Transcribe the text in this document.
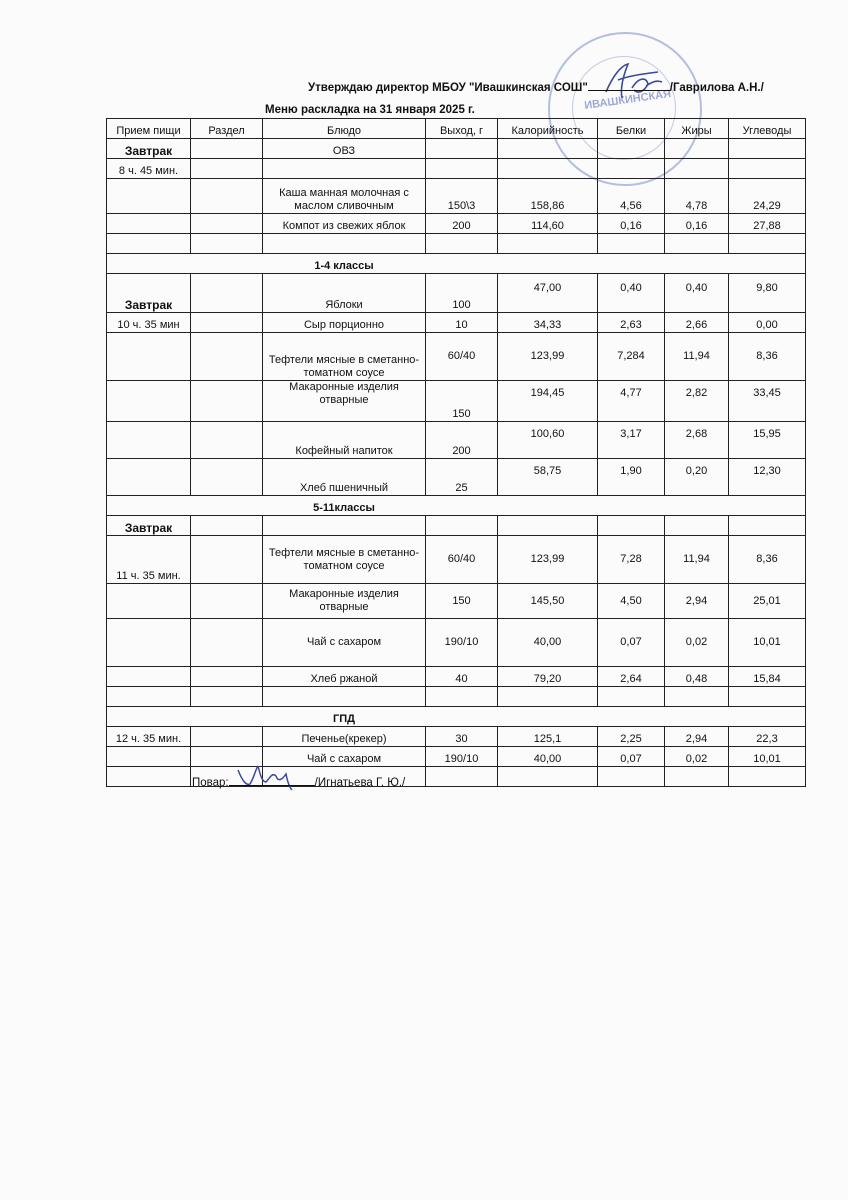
ИВАШКИНСКАЯ
Утверждаю директор МБОУ "Ивашкинская СОШ"	/Гаврилова А.Н./
Меню раскладка на 31 января 2025 г.
Прием пищи	Раздел	Блюдо	Выход, г	Калорийность	Белки	Жиры	Углеводы
Завтрак		ОВЗ					
8 ч. 45 мин.							
		Каша манная молочная с маслом сливочным	150\3	158,86	4,56	4,78	24,29
		Компот из свежих яблок	200	114,60	0,16	0,16	27,88

		1-4 классы					
Завтрак		Яблоки	100	47,00	0,40	0,40	9,80
10 ч. 35 мин		Сыр порционно	10	34,33	2,63	2,66	0,00
		Тефтели мясные в сметанно-томатном соусе	60/40	123,99	7,284	11,94	8,36
		Макаронные изделия отварные	150	194,45	4,77	2,82	33,45
		Кофейный напиток	200	100,60	3,17	2,68	15,95
		Хлеб пшеничный	25	58,75	1,90	0,20	12,30
		5-11классы					
Завтрак							
11 ч. 35 мин.		Тефтели мясные в сметанно-томатном соусе	60/40	123,99	7,28	11,94	8,36
		Макаронные изделия отварные	150	145,50	4,50	2,94	25,01
		Чай с сахаром	190/10	40,00	0,07	0,02	10,01
		Хлеб ржаной	40	79,20	2,64	0,48	15,84

		ГПД					
12 ч. 35 мин.		Печенье(крекер)	30	125,1	2,25	2,94	22,3
		Чай с сахаром	190/10	40,00	0,07	0,02	10,01

Повар:	/Игнатьева Г. Ю./
